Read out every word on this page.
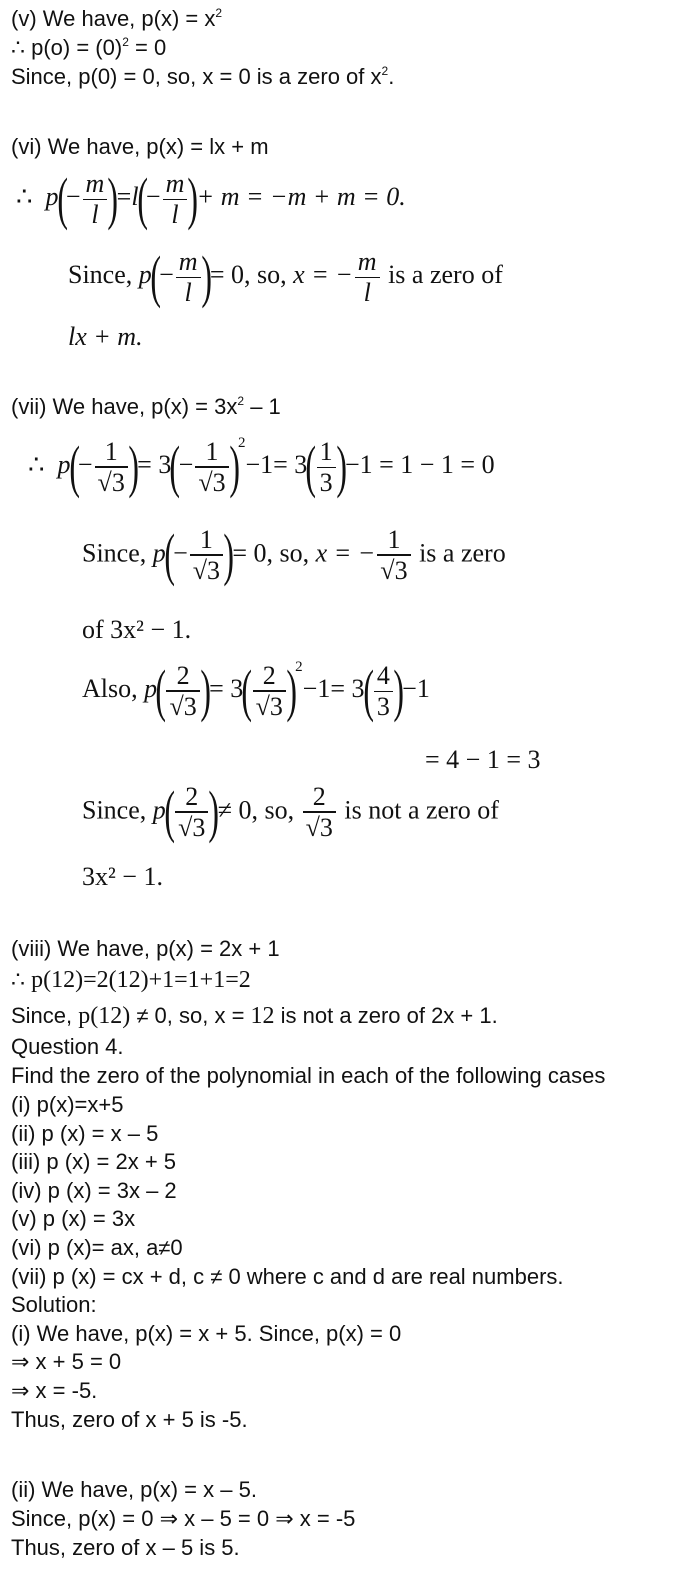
(v) We have, $p(x) = x^2$
∴ $p(o) = (0)^2 = 0$
Since, p(0) = 0, so, x = 0 is a zero of $x^2$.
(vi) We have, p(x) = lx + m
∴ $p(- \frac{m}{l} )=l(- \frac{m}{l}$ )+ m = −m + m = 0.
Since, $p(- \frac{m}{l}$ )= 0, so, x = − $\frac{m}{l}$ is a zero of
lx + m.
(vii) We have, $p(x) = 3x^2 - 1$
∴ $p(- \frac{1}{√3}$ )= $3(- \frac{1}{√3} )^2-1= 3( \frac{1}{3} )-1 = 1 - 1 = 0$
Since, $p(- \frac{1}{√3}$ )= 0, so, x = − $\frac{1}{√3}$ is a zero
of 3x² − 1.
Also, $p( \frac{2}{√3}$ )= $3( \frac{2}{√3} )^2-1= 3( \frac{4}{3} )-1$
= 4 − 1 = 3
Since, $p( \frac{2}{√3}$ )≠ 0, so, $\frac{2}{√3}$ is not a zero of
3x² − 1.
(viii) We have, p(x) = 2x + 1
∴ p(12)=2(12)+1=1+1=2
Since, p(12) ≠ 0, so, x = 12 is not a zero of 2x + 1.
Question 4.
Find the zero of the polynomial in each of the following cases
(i) p(x)=x+5
(ii) p (x) = x – 5
(iii) p (x) = 2x + 5
(iv) p (x) = 3x – 2
(v) p (x) = 3x
(vi) p (x)= ax, a≠0
(vii) p (x) = cx + d, c ≠ 0 where c and d are real numbers.
Solution:
(i) We have, p(x) = x + 5. Since, p(x) = 0
⇒ x + 5 = 0
⇒ x = -5.
Thus, zero of x + 5 is -5.
(ii) We have, p(x) = x – 5.
Since, p(x) = 0 ⇒ x – 5 = 0 ⇒ x = -5
Thus, zero of x – 5 is 5.
